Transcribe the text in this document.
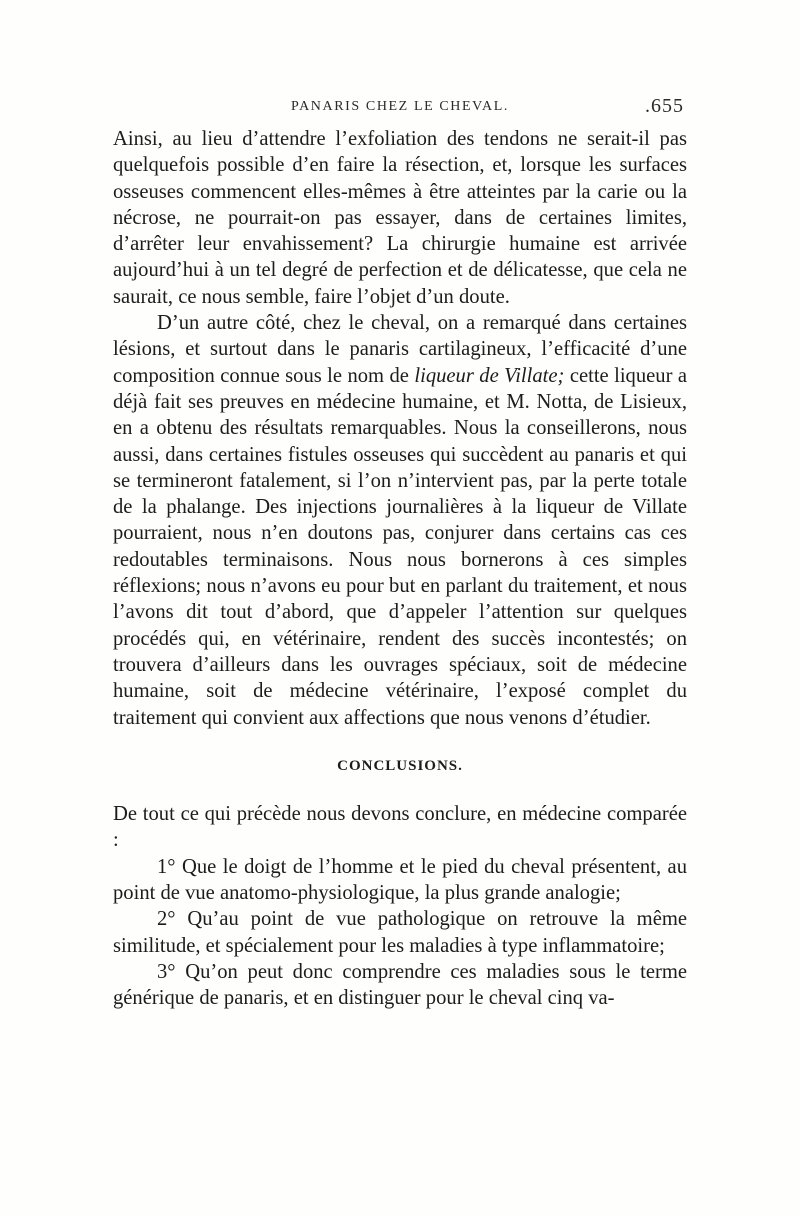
PANARIS CHEZ LE CHEVAL.	.655

Ainsi, au lieu d’attendre l’exfoliation des tendons ne serait-il pas quelquefois possible d’en faire la résection, et, lorsque les surfaces osseuses commencent elles-mêmes à être atteintes par la carie ou la nécrose, ne pourrait-on pas essayer, dans de certaines limites, d’arrêter leur envahissement? La chirurgie humaine est arrivée aujourd’hui à un tel degré de perfection et de délicatesse, que cela ne saurait, ce nous semble, faire l’objet d’un doute.

D’un autre côté, chez le cheval, on a remarqué dans certaines lésions, et surtout dans le panaris cartilagineux, l’efficacité d’une composition connue sous le nom de liqueur de Villate; cette liqueur a déjà fait ses preuves en médecine humaine, et M. Notta, de Lisieux, en a obtenu des résultats remarquables. Nous la conseillerons, nous aussi, dans certaines fistules osseuses qui succèdent au panaris et qui se termineront fatalement, si l’on n’intervient pas, par la perte totale de la phalange. Des injections journalières à la liqueur de Villate pourraient, nous n’en doutons pas, conjurer dans certains cas ces redoutables terminaisons. Nous nous bornerons à ces simples réflexions; nous n’avons eu pour but en parlant du traitement, et nous l’avons dit tout d’abord, que d’appeler l’attention sur quelques procédés qui, en vétérinaire, rendent des succès incontestés; on trouvera d’ailleurs dans les ouvrages spéciaux, soit de médecine humaine, soit de médecine vétérinaire, l’exposé complet du traitement qui convient aux affections que nous venons d’étudier.

CONCLUSIONS.

De tout ce qui précède nous devons conclure, en médecine comparée :

1° Que le doigt de l’homme et le pied du cheval présentent, au point de vue anatomo-physiologique, la plus grande analogie;

2° Qu’au point de vue pathologique on retrouve la même similitude, et spécialement pour les maladies à type inflammatoire;

3° Qu’on peut donc comprendre ces maladies sous le terme générique de panaris, et en distinguer pour le cheval cinq va-
